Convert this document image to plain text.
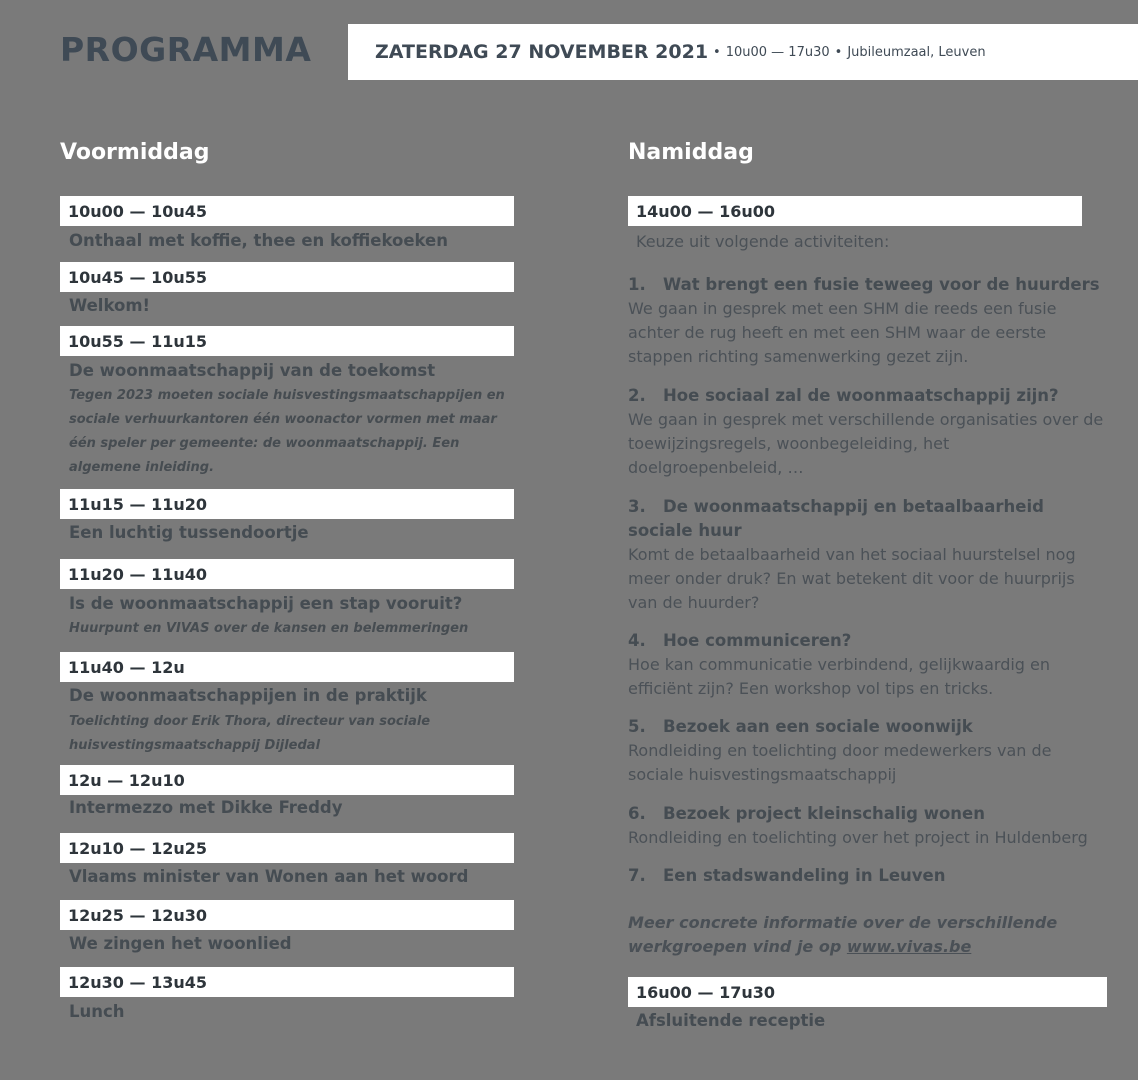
PROGRAMMA	ZATERDAG 27 NOVEMBER 2021 • 10u00 — 17u30 • Jubileumzaal, Leuven
Voormiddag
10u00 — 10u45
Onthaal met koffie, thee en koffiekoeken
10u45 — 10u55
Welkom!
10u55 — 11u15
De woonmaatschappij van de toekomst
Tegen 2023 moeten sociale huisvestingsmaatschappijen en sociale verhuurkantoren één woonactor vormen met maar één speler per gemeente: de woonmaatschappij. Een algemene inleiding.
11u15 — 11u20
Een luchtig tussendoortje
11u20 — 11u40
Is de woonmaatschappij een stap vooruit?
Huurpunt en VIVAS over de kansen en belemmeringen
11u40 — 12u
De woonmaatschappijen in de praktijk
Toelichting door Erik Thora, directeur van sociale huisvestingsmaatschappij Dijledal
12u — 12u10
Intermezzo met Dikke Freddy
12u10 — 12u25
Vlaams minister van Wonen aan het woord
12u25 — 12u30
We zingen het woonlied
12u30 — 13u45
Lunch
Namiddag
14u00 — 16u00
Keuze uit volgende activiteiten:
1. Wat brengt een fusie teweeg voor de huurders
We gaan in gesprek met een SHM die reeds een fusie achter de rug heeft en met een SHM waar de eerste stappen richting samenwerking gezet zijn.
2. Hoe sociaal zal de woonmaatschappij zijn?
We gaan in gesprek met verschillende organisaties over de toewijzingsregels, woonbegeleiding, het doelgroepenbeleid, …
3. De woonmaatschappij en betaalbaarheid sociale huur
Komt de betaalbaarheid van het sociaal huurstelsel nog meer onder druk? En wat betekent dit voor de huurprijs van de huurder?
4. Hoe communiceren?
Hoe kan communicatie verbindend, gelijkwaardig en efficiënt zijn? Een workshop vol tips en tricks.
5. Bezoek aan een sociale woonwijk
Rondleiding en toelichting door medewerkers van de sociale huisvestingsmaatschappij
6. Bezoek project kleinschalig wonen
Rondleiding en toelichting over het project in Huldenberg
7. Een stadswandeling in Leuven
Meer concrete informatie over de verschillende werkgroepen vind je op www.vivas.be
16u00 — 17u30
Afsluitende receptie
